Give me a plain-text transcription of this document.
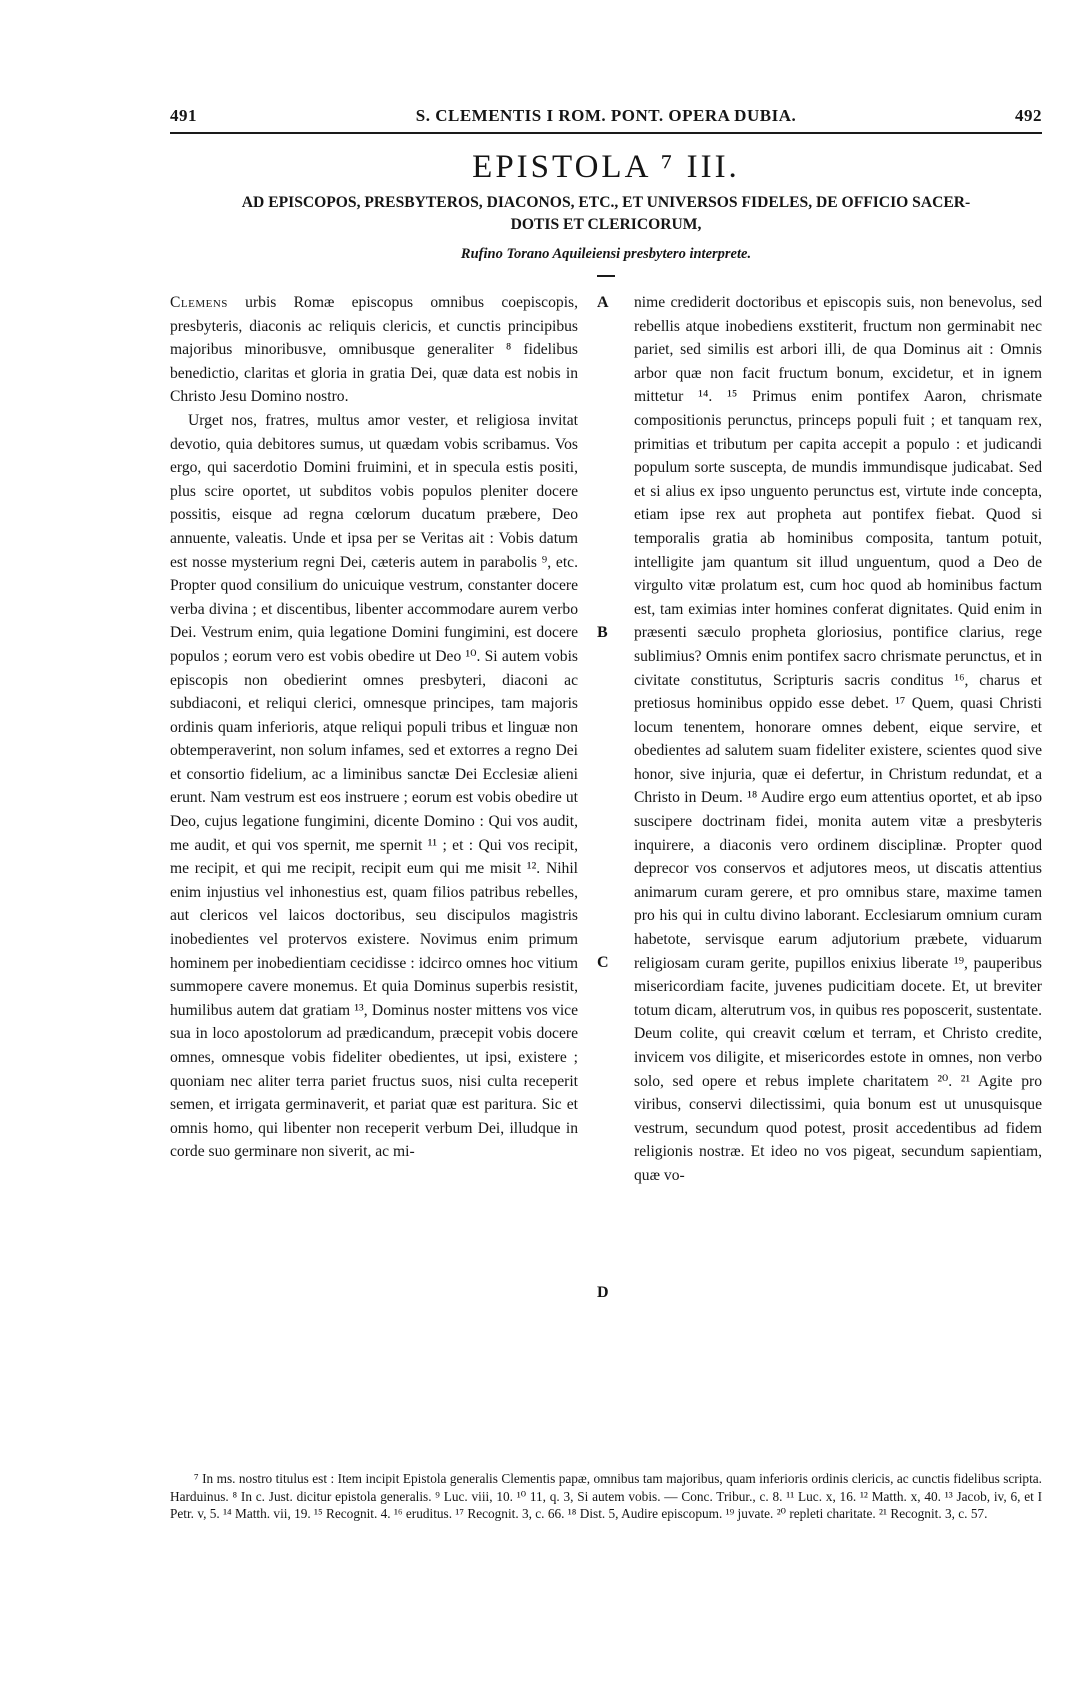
491	S. CLEMENTIS I ROM. PONT. OPERA DUBIA.	492
EPISTOLA ⁷ III.
AD EPISCOPOS, PRESBYTEROS, DIACONOS, ETC., ET UNIVERSOS FIDELES, DE OFFICIO SACER-
DOTIS ET CLERICORUM,
Rufino Torano Aquileiensi presbytero interprete.

Clemens urbis Romæ episcopus omnibus coepiscopis, presbyteris, diaconis ac reliquis clericis, et cunctis principibus majoribus minoribusve, omnibusque generaliter ⁸ fidelibus benedictio, claritas et gloria in gratia Dei, quæ data est nobis in Christo Jesu Domino nostro.

Urget nos, fratres, multus amor vester, et religiosa invitat devotio, quia debitores sumus, ut quædam vobis scribamus. Vos ergo, qui sacerdotio Domini fruimini, et in specula estis positi, plus scire oportet, ut subditos vobis populos pleniter docere possitis, eisque ad regna cœlorum ducatum præbere, Deo annuente, valeatis. Unde et ipsa per se Veritas ait : Vobis datum est nosse mysterium regni Dei, cæteris autem in parabolis ⁹, etc. Propter quod consilium do unicuique vestrum, constanter docere verba divina ; et discentibus, libenter accommodare aurem verbo Dei. Vestrum enim, quia legatione Domini fungimini, est docere populos ; eorum vero est vobis obedire ut Deo ¹⁰. Si autem vobis episcopis non obedierint omnes presbyteri, diaconi ac subdiaconi, et reliqui clerici, omnesque principes, tam majoris ordinis quam inferioris, atque reliqui populi tribus et linguæ non obtemperaverint, non solum infames, sed et extorres a regno Dei et consortio fidelium, ac a liminibus sanctæ Dei Ecclesiæ alieni erunt. Nam vestrum est eos instruere ; eorum est vobis obedire ut Deo, cujus legatione fungimini, dicente Domino : Qui vos audit, me audit, et qui vos spernit, me spernit ¹¹ ; et : Qui vos recipit, me recipit, et qui me recipit, recipit eum qui me misit ¹². Nihil enim injustius vel inhonestius est, quam filios patribus rebelles, aut clericos vel laicos doctoribus, seu discipulos magistris inobedientes vel protervos existere. Novimus enim primum hominem per inobedientiam cecidisse : idcirco omnes hoc vitium summopere cavere monemus. Et quia Dominus superbis resistit, humilibus autem dat gratiam ¹³, Dominus noster mittens vos vice sua in loco apostolorum ad prædicandum, præcepit vobis docere omnes, omnesque vobis fideliter obedientes, ut ipsi, existere ; quoniam nec aliter terra pariet fructus suos, nisi culta receperit semen, et irrigata germinaverit, et pariat quæ est paritura. Sic et omnis homo, qui libenter non receperit verbum Dei, illudque in corde suo germinare non siverit, ac mi-

A
B
C
D

nime crediderit doctoribus et episcopis suis, non benevolus, sed rebellis atque inobediens exstiterit, fructum non germinabit nec pariet, sed similis est arbori illi, de qua Dominus ait : Omnis arbor quæ non facit fructum bonum, excidetur, et in ignem mittetur ¹⁴. ¹⁵ Primus enim pontifex Aaron, chrismate compositionis perunctus, princeps populi fuit ; et tanquam rex, primitias et tributum per capita accepit a populo : et judicandi populum sorte suscepta, de mundis immundisque judicabat. Sed et si alius ex ipso unguento perunctus est, virtute inde concepta, etiam ipse rex aut propheta aut pontifex fiebat. Quod si temporalis gratia ab hominibus composita, tantum potuit, intelligite jam quantum sit illud unguentum, quod a Deo de virgulto vitæ prolatum est, cum hoc quod ab hominibus factum est, tam eximias inter homines conferat dignitates. Quid enim in præsenti sæculo propheta gloriosius, pontifice clarius, rege sublimius? Omnis enim pontifex sacro chrismate perunctus, et in civitate constitutus, Scripturis sacris conditus ¹⁶, charus et pretiosus hominibus oppido esse debet. ¹⁷ Quem, quasi Christi locum tenentem, honorare omnes debent, eique servire, et obedientes ad salutem suam fideliter existere, scientes quod sive honor, sive injuria, quæ ei defertur, in Christum redundat, et a Christo in Deum. ¹⁸ Audire ergo eum attentius oportet, et ab ipso suscipere doctrinam fidei, monita autem vitæ a presbyteris inquirere, a diaconis vero ordinem disciplinæ. Propter quod deprecor vos conservos et adjutores meos, ut discatis attentius animarum curam gerere, et pro omnibus stare, maxime tamen pro his qui in cultu divino laborant. Ecclesiarum omnium curam habetote, servisque earum adjutorium præbete, viduarum religiosam curam gerite, pupillos enixius liberate ¹⁹, pauperibus misericordiam facite, juvenes pudicitiam docete. Et, ut breviter totum dicam, alterutrum vos, in quibus res poposcerit, sustentate. Deum colite, qui creavit cœlum et terram, et Christo credite, invicem vos diligite, et misericordes estote in omnes, non verbo solo, sed opere et rebus implete charitatem ²⁰. ²¹ Agite pro viribus, conservi dilectissimi, quia bonum est ut unusquisque vestrum, secundum quod potest, prosit accedentibus ad fidem religionis nostræ. Et ideo no vos pigeat, secundum sapientiam, quæ vo-

⁷ In ms. nostro titulus est : Item incipit Epistola generalis Clementis papæ, omnibus tam majoribus, quam inferioris ordinis clericis, ac cunctis fidelibus scripta. Harduinus. ⁸ In c. Just. dicitur epistola generalis. ⁹ Luc. viii, 10. ¹⁰ 11, q. 3, Si autem vobis. — Conc. Tribur., c. 8. ¹¹ Luc. x, 16. ¹² Matth. x, 40. ¹³ Jacob, iv, 6, et I Petr. v, 5. ¹⁴ Matth. vii, 19. ¹⁵ Recognit. 4. ¹⁶ eruditus. ¹⁷ Recognit. 3, c. 66. ¹⁸ Dist. 5, Audire episcopum. ¹⁹ juvate. ²⁰ repleti charitate. ²¹ Recognit. 3, c. 57.
